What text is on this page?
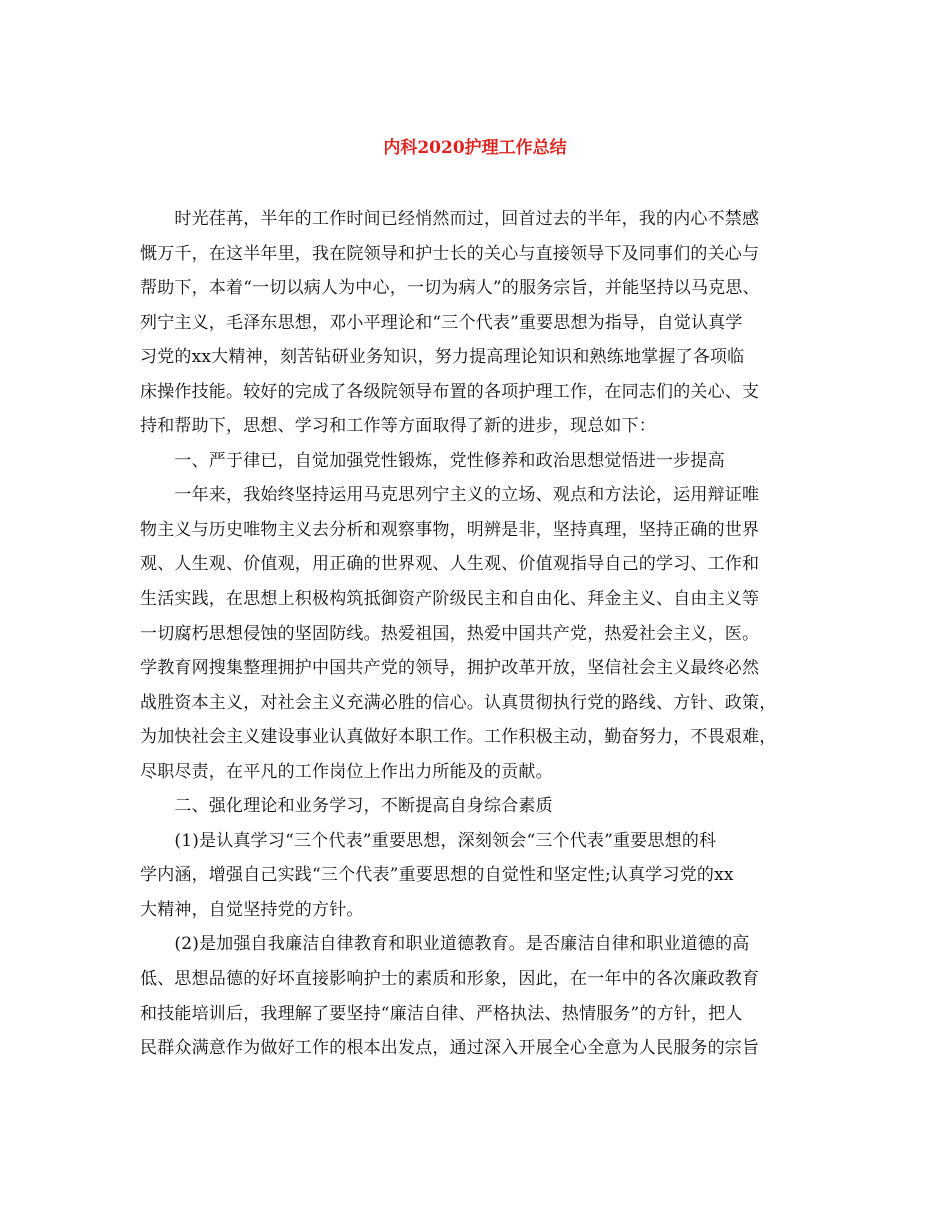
内科2020护理工作总结
　　时光荏苒，半年的工作时间已经悄然而过，回首过去的半年，我的内心不禁感
慨万千，在这半年里，我在院领导和护士长的关心与直接领导下及同事们的关心与
帮助下，本着“一切以病人为中心，一切为病人”的服务宗旨，并能坚持以马克思、
列宁主义，毛泽东思想，邓小平理论和“三个代表”重要思想为指导，自觉认真学
习党的xx大精神，刻苦钻研业务知识，努力提高理论知识和熟练地掌握了各项临
床操作技能。较好的完成了各级院领导布置的各项护理工作，在同志们的关心、支
持和帮助下，思想、学习和工作等方面取得了新的进步，现总如下：
　　一、严于律已，自觉加强党性锻炼，党性修养和政治思想觉悟进一步提高
　　一年来，我始终坚持运用马克思列宁主义的立场、观点和方法论，运用辩证唯
物主义与历史唯物主义去分析和观察事物，明辨是非，坚持真理，坚持正确的世界
观、人生观、价值观，用正确的世界观、人生观、价值观指导自己的学习、工作和
生活实践，在思想上积极构筑抵御资产阶级民主和自由化、拜金主义、自由主义等
一切腐朽思想侵蚀的坚固防线。热爱祖国，热爱中国共产党，热爱社会主义，医。
学教育网搜集整理拥护中国共产党的领导，拥护改革开放，坚信社会主义最终必然
战胜资本主义，对社会主义充满必胜的信心。认真贯彻执行党的路线、方针、政策，
为加快社会主义建设事业认真做好本职工作。工作积极主动，勤奋努力，不畏艰难，
尽职尽责，在平凡的工作岗位上作出力所能及的贡献。
　　二、强化理论和业务学习，不断提高自身综合素质
　　(1)是认真学习“三个代表”重要思想，深刻领会“三个代表”重要思想的科
学内涵，增强自己实践“三个代表”重要思想的自觉性和坚定性;认真学习党的xx
大精神，自觉坚持党的方针。
　　(2)是加强自我廉洁自律教育和职业道德教育。是否廉洁自律和职业道德的高
低、思想品德的好坏直接影响护士的素质和形象，因此，在一年中的各次廉政教育
和技能培训后，我理解了要坚持“廉洁自律、严格执法、热情服务”的方针，把人
民群众满意作为做好工作的根本出发点，通过深入开展全心全意为人民服务的宗旨
